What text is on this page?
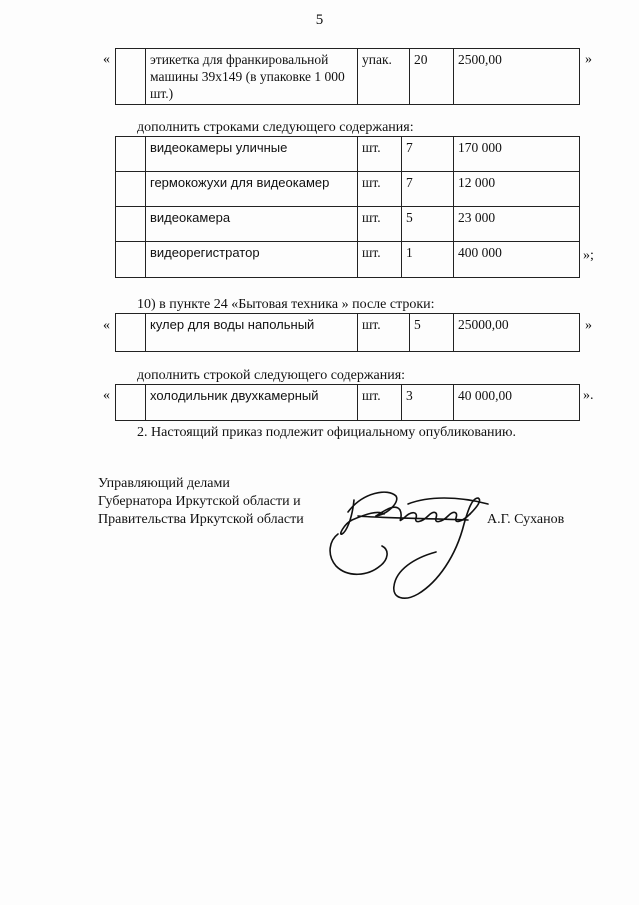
5
«
		этикетка для франкировальной машины 39х149 (в упаковке 1 000 шт.)	упак.	20	2500,00	»
дополнить строками следующего содержания:
	видеокамеры уличные	шт.	7	170 000
	гермокожухи для видеокамер	шт.	7	12 000
	видеокамера	шт.	5	23 000
	видеорегистратор	шт.	1	400 000	»;
10) в пункте 24 «Бытовая техника » после строки:
«
		кулер для воды напольный	шт.	5	25000,00	»
дополнить строкой следующего содержания:
«
		холодильник двухкамерный	шт.	3	40 000,00	».
2. Настоящий приказ подлежит официальному опубликованию.
Управляющий делами
Губернатора Иркутской области и
Правительства Иркутской области	А.Г. Суханов
